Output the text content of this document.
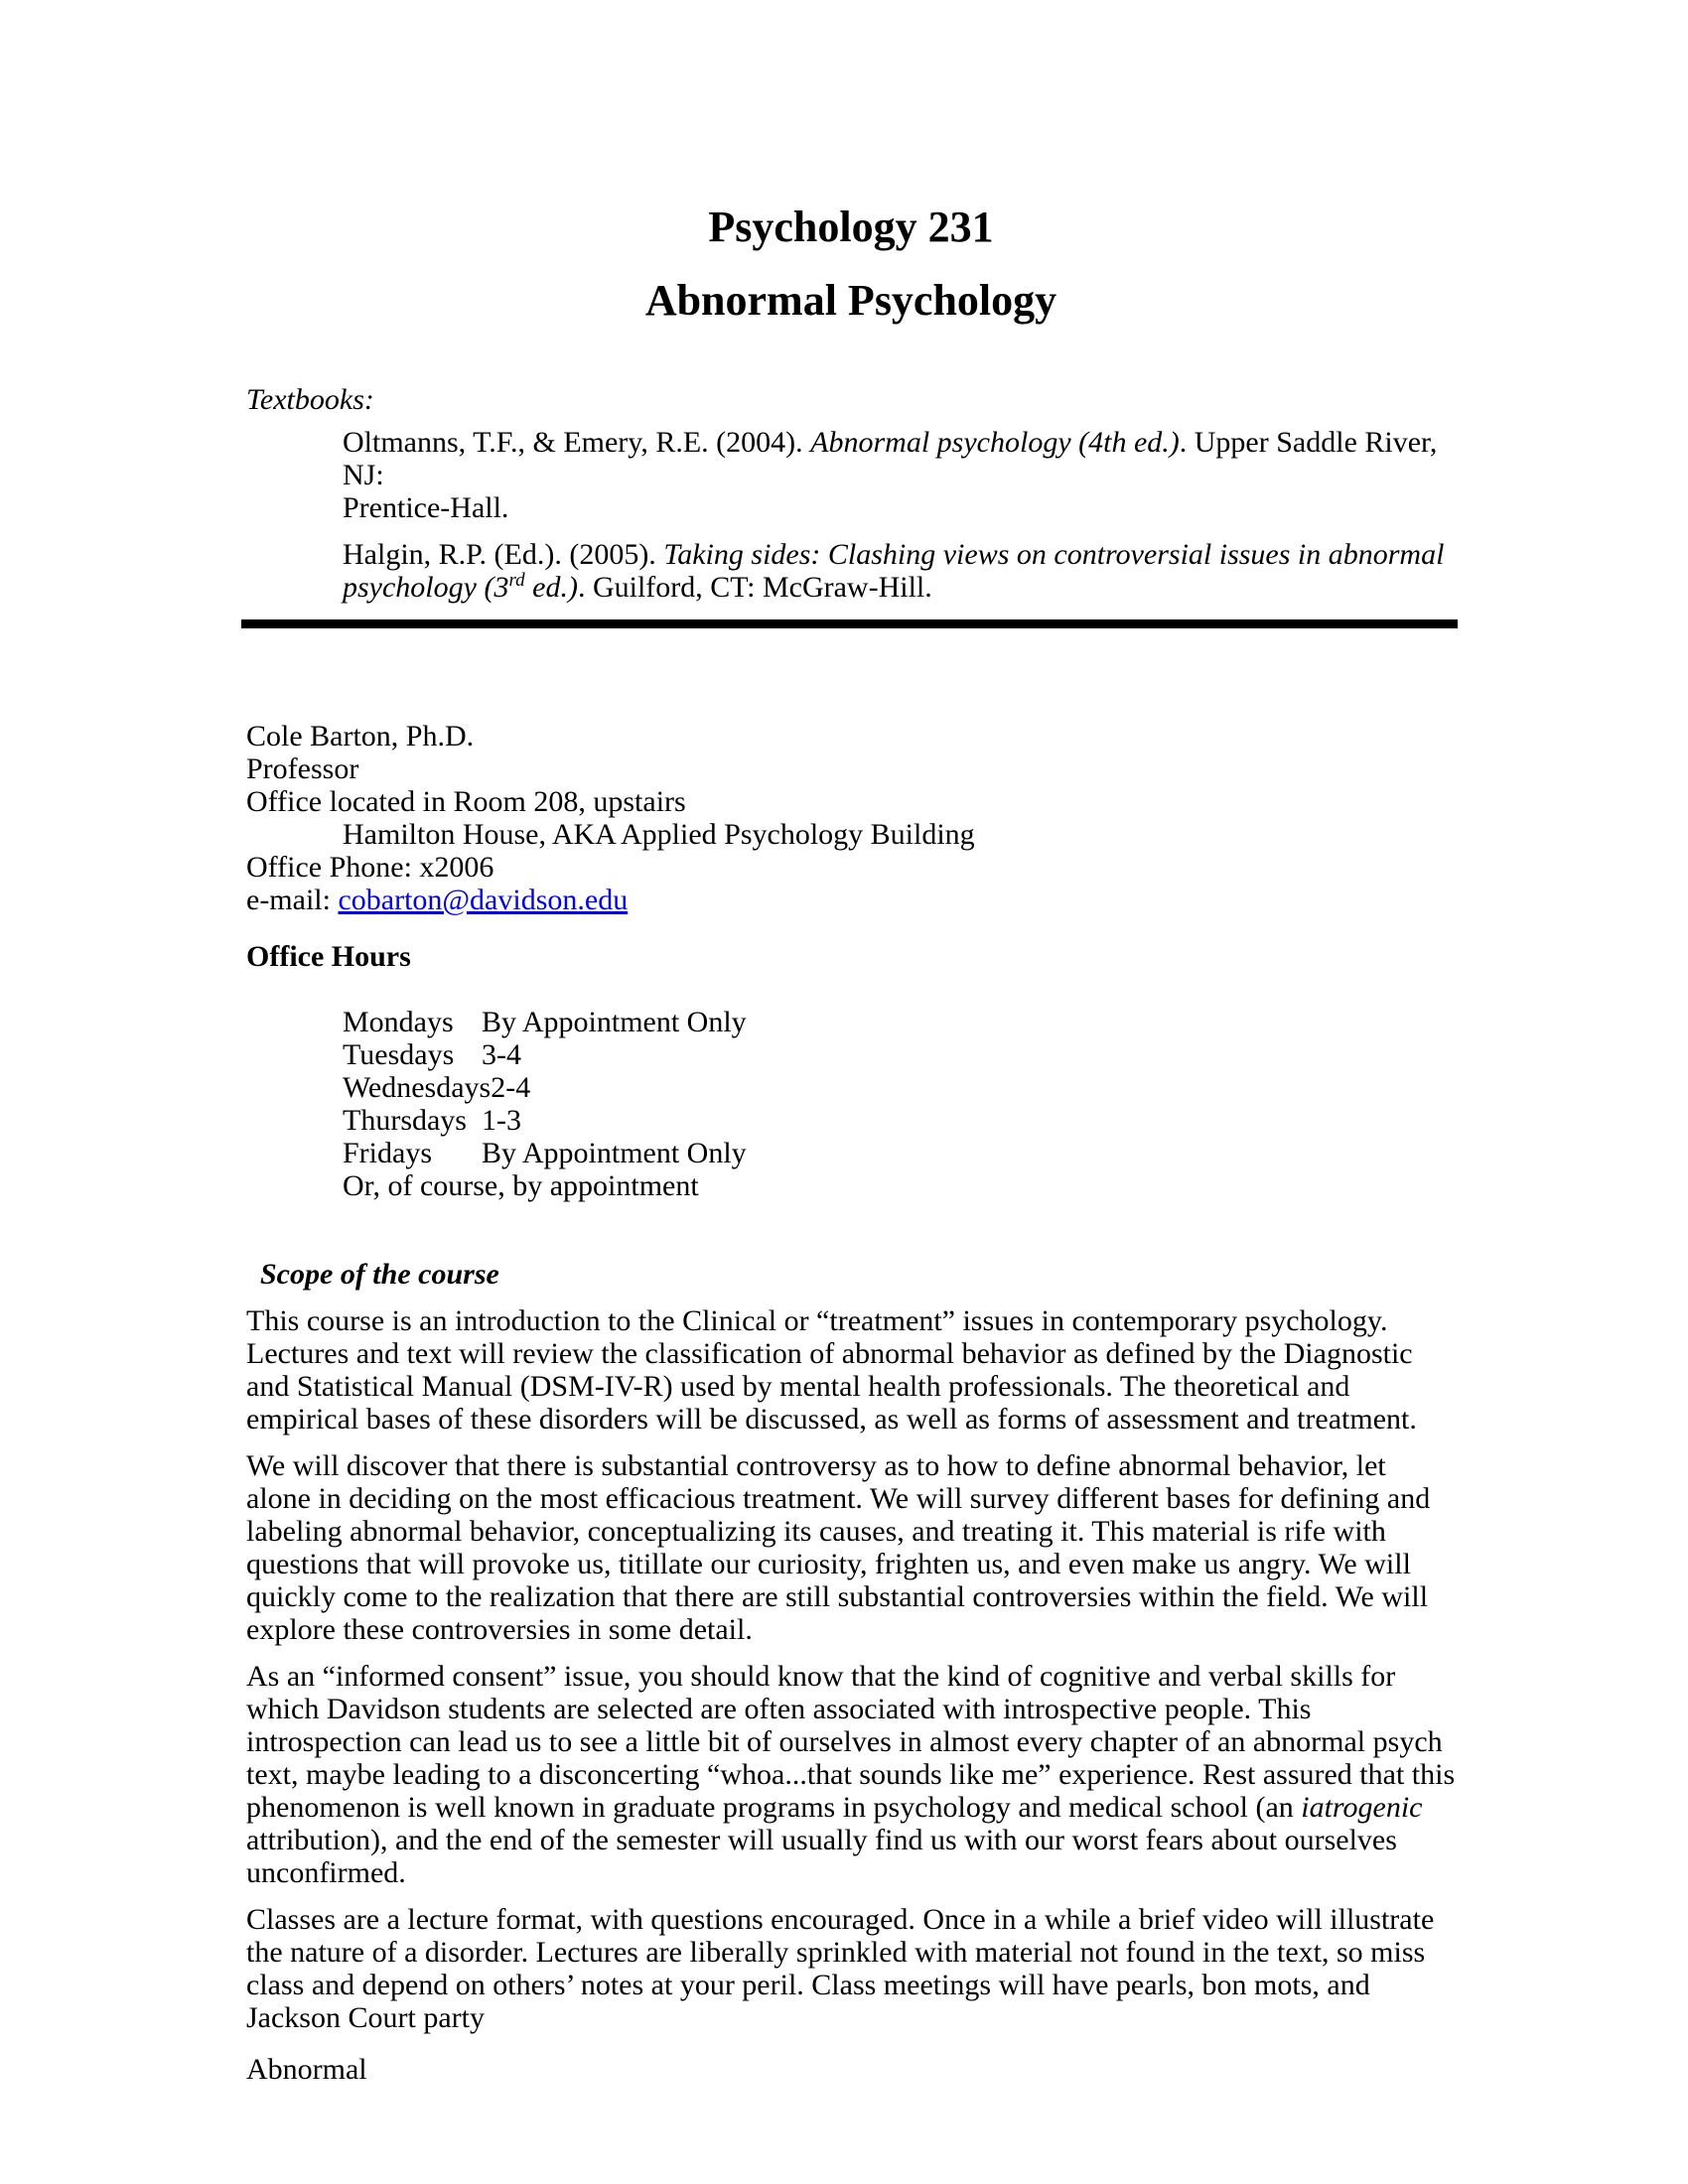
Psychology 231
Abnormal Psychology
Textbooks:
Oltmanns, T.F., & Emery, R.E. (2004). Abnormal psychology (4th ed.). Upper Saddle River, NJ:
Prentice-Hall.
Halgin, R.P. (Ed.). (2005). Taking sides: Clashing views on controversial issues in abnormal
psychology (3rd ed.). Guilford, CT: McGraw-Hill.
Cole Barton, Ph.D.
Professor
Office located in Room 208, upstairs
Hamilton House, AKA Applied Psychology Building
Office Phone: x2006
e-mail: cobarton@davidson.edu
Office Hours
Mondays By Appointment Only
Tuesdays 3-4
Wednesdays2-4
Thursdays 1-3
Fridays By Appointment Only
Or, of course, by appointment
Scope of the course

This course is an introduction to the Clinical or “treatment” issues in contemporary psychology. Lectures and text will review the classification of abnormal behavior as defined by the Diagnostic and Statistical Manual (DSM-IV-R) used by mental health professionals. The theoretical and empirical bases of these disorders will be discussed, as well as forms of assessment and treatment.

We will discover that there is substantial controversy as to how to define abnormal behavior, let alone in deciding on the most efficacious treatment. We will survey different bases for defining and labeling abnormal behavior, conceptualizing its causes, and treating it. This material is rife with questions that will provoke us, titillate our curiosity, frighten us, and even make us angry. We will quickly come to the realization that there are still substantial controversies within the field. We will explore these controversies in some detail.

As an “informed consent” issue, you should know that the kind of cognitive and verbal skills for which Davidson students are selected are often associated with introspective people. This introspection can lead us to see a little bit of ourselves in almost every chapter of an abnormal psych text, maybe leading to a disconcerting “whoa...that sounds like me” experience. Rest assured that this phenomenon is well known in graduate programs in psychology and medical school (an iatrogenic attribution), and the end of the semester will usually find us with our worst fears about ourselves unconfirmed.

Classes are a lecture format, with questions encouraged. Once in a while a brief video will illustrate the nature of a disorder. Lectures are liberally sprinkled with material not found in the text, so miss class and depend on others’ notes at your peril. Class meetings will have pearls, bon mots, and Jackson Court party

Abnormal
